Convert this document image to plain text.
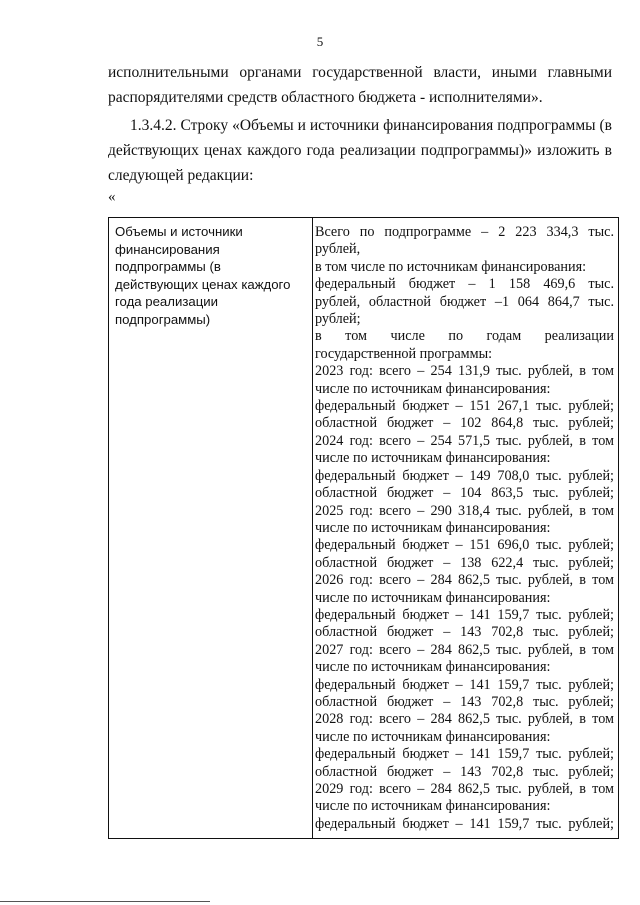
5
исполнительными органами государственной власти, иными главными
распорядителями средств областного бюджета - исполнителями».
1.3.4.2. Строку «Объемы и источники финансирования подпрограммы (в
действующих ценах каждого года реализации подпрограммы)» изложить в
следующей редакции:
«
Объемы и источники
финансирования
подпрограммы (в
действующих ценах каждого
года реализации
подпрограммы)
Всего по подпрограмме – 2 223 334,3 тыс.
рублей,
в том числе по источникам финансирования:
федеральный бюджет – 1 158 469,6 тыс.
рублей, областной бюджет –1 064 864,7 тыс.
рублей;
в том числе по годам реализации
государственной программы:
2023 год: всего – 254 131,9 тыс. рублей, в том
числе по источникам финансирования:
федеральный бюджет – 151 267,1 тыс. рублей;
областной бюджет – 102 864,8 тыс. рублей;
2024 год: всего – 254 571,5 тыс. рублей, в том
числе по источникам финансирования:
федеральный бюджет – 149 708,0 тыс. рублей;
областной бюджет – 104 863,5 тыс. рублей;
2025 год: всего – 290 318,4 тыс. рублей, в том
числе по источникам финансирования:
федеральный бюджет – 151 696,0 тыс. рублей;
областной бюджет – 138 622,4 тыс. рублей;
2026 год: всего – 284 862,5 тыс. рублей, в том
числе по источникам финансирования:
федеральный бюджет – 141 159,7 тыс. рублей;
областной бюджет – 143 702,8 тыс. рублей;
2027 год: всего – 284 862,5 тыс. рублей, в том
числе по источникам финансирования:
федеральный бюджет – 141 159,7 тыс. рублей;
областной бюджет – 143 702,8 тыс. рублей;
2028 год: всего – 284 862,5 тыс. рублей, в том
числе по источникам финансирования:
федеральный бюджет – 141 159,7 тыс. рублей;
областной бюджет – 143 702,8 тыс. рублей;
2029 год: всего – 284 862,5 тыс. рублей, в том
числе по источникам финансирования:
федеральный бюджет – 141 159,7 тыс. рублей;
